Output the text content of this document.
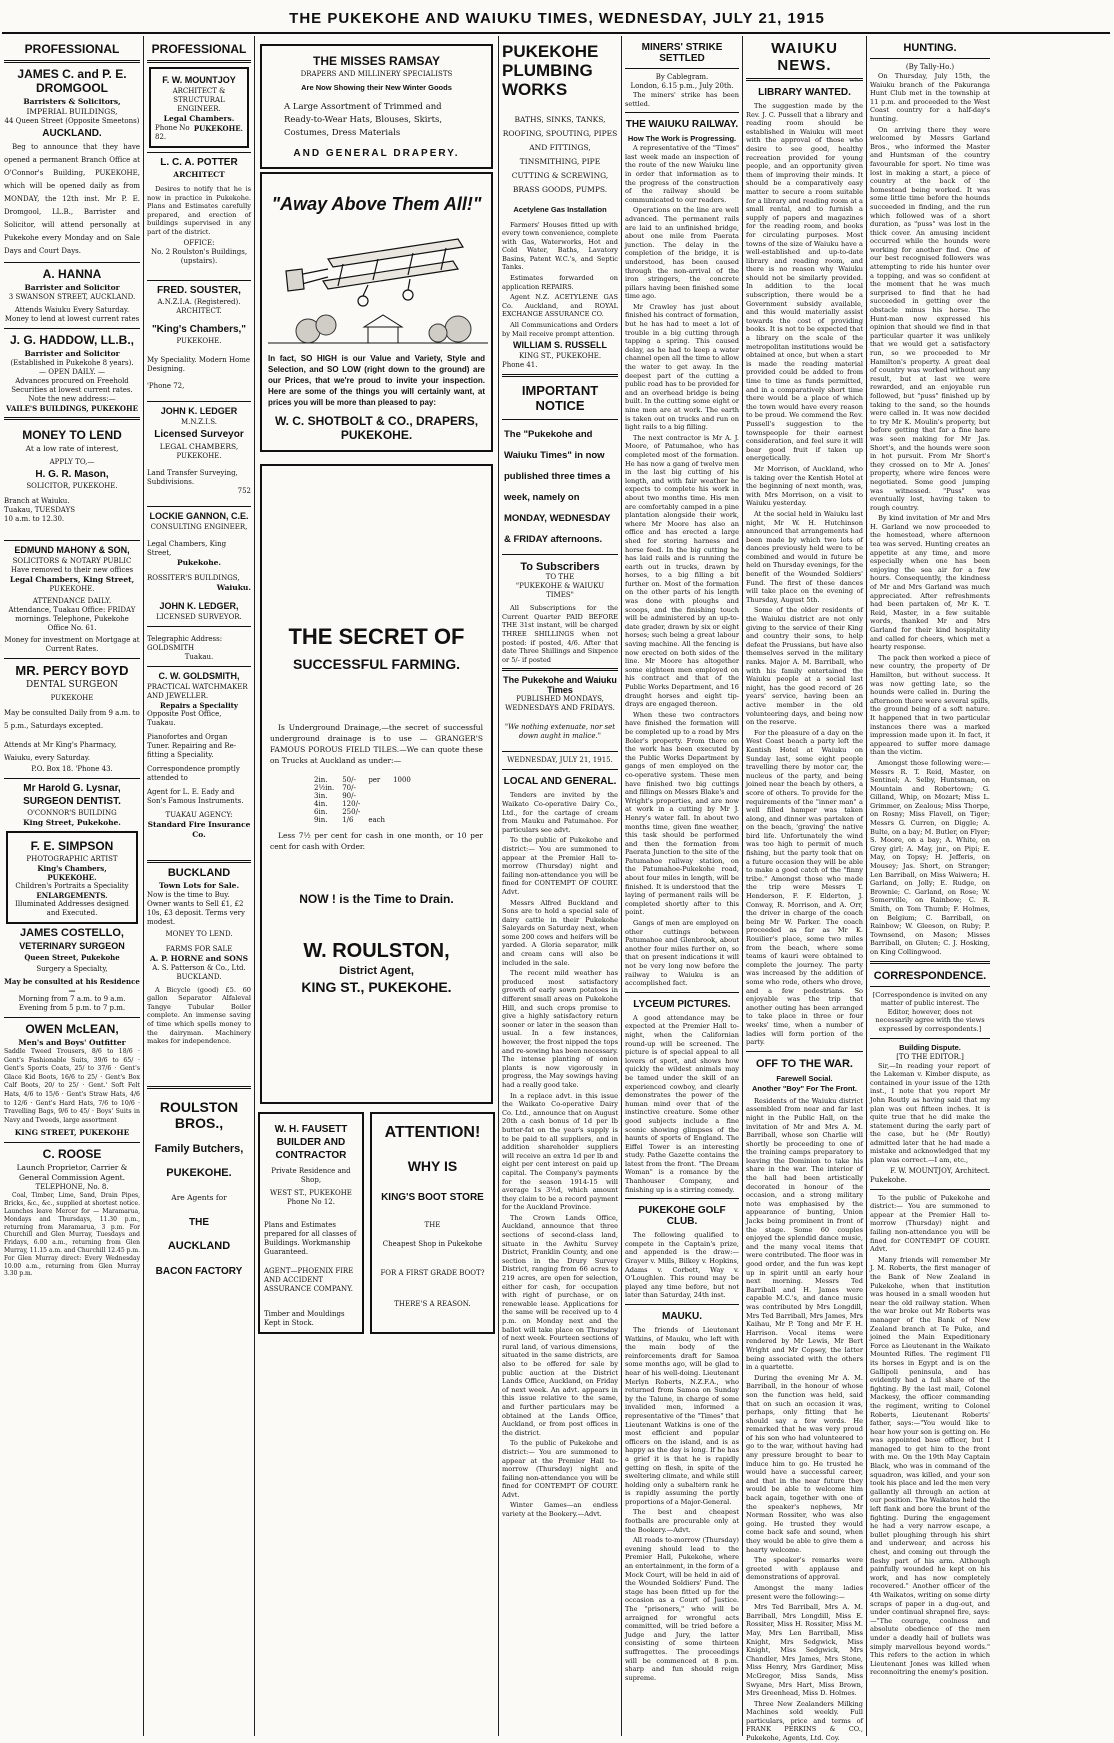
THE PUKEKOHE AND WAIUKU TIMES, WEDNESDAY, JULY 21, 1915
PROFESSIONAL
JAMES C. and P. E. DROMGOOL
Barristers & Solicitors,
IMPERIAL BUILDINGS,
44 Queen Street (Opposite Smeetons)
AUCKLAND.

Beg to announce that they have opened a permanent Branch Office at O'Connor's Building, PUKEKOHE, which will be opened daily as from MONDAY, the 12th inst. Mr P. E. Dromgool, LL.B., Barrister and Solicitor, will attend personally at Pukekohe every Monday and on Sale Days and Court Days.

A. HANNA
Barrister and Solicitor
3 SWANSON STREET, AUCKLAND.
Attends Waiuku Every Saturday.
Money to lend at lowest current rates
J. G. HADDOW, LL.B.,
Barrister and Solicitor
(Established in Pukekohe 8 years).
— OPEN DAILY. —
Advances procured on Freehold Securities at lowest current rates.
Note the new address:—
VAILE'S BUILDINGS, PUKEKOHE
MONEY TO LEND
At a low rate of interest,
APPLY TO,—
H. G. R. Mason,
SOLICITOR, PUKEKOHE.
Branch at Waiuku.
Tuakau, TUESDAYS
10 a.m. to 12.30.
EDMUND MAHONY & SON,
SOLICITORS & NOTARY PUBLIC
Have removed to their new offices
Legal Chambers, King Street,
PUKEKOHE.
ATTENDANCE DAILY.
Attendance, Tuakau Office: FRIDAY mornings. Telephone, Pukekohe Office No. 61.
Money for investment on Mortgage at Current Rates.
MR. PERCY BOYD
DENTAL SURGEON
PUKEKOHE
May be consulted Daily from 9 a.m. to 5 p.m., Saturdays excepted.
Attends at Mr King's Pharmacy, Waiuku, every Saturday.
P.O. Box 18. 'Phone 43.
Mr Harold G. Lysnar,
SURGEON DENTIST.
O'CONNOR'S BUILDING
King Street, Pukekohe.
F. E. SIMPSON
PHOTOGRAPHIC ARTIST
King's Chambers,
PUKEKOHE.
Children's Portraits a Speciality
ENLARGEMENTS.
Illuminated Addresses designed and Executed.
JAMES COSTELLO,
VETERINARY SURGEON
Queen Street, Pukekohe
Surgery a Specialty,
May be consulted at his Residence —
Morning from 7 a.m. to 9 a.m.
Evening from 5 p.m. to 7 p.m.
OWEN McLEAN,
Men's and Boys' Outfitter

Saddle Tweed Trousers, 8/6 to 18/6 · Gent's Fashionable Suits, 39/6 to 65/ · Gent's Sports Coats, 25/ to 37/6 · Gent's Glace Kid Boots, 16/6 to 25/ · Gent's Box Calf Boots, 20/ to 25/ · Gent.' Soft Felt Hats, 4/6 to 15/6 · Gent's Straw Hats, 4/6 to 12/6 · Gent's Hard Hats, 7/6 to 10/6 · Travelling Bags, 9/6 to 45/ · Boys' Suits in Navy and Tweeds, large assortment

KING STREET, PUKEKOHE
C. ROOSE
Launch Proprietor, Carrier & General Commission Agent.
TELEPHONE, No. 8.

Coal, Timber, Lime, Sand, Drain Pipes, Bricks, &c., &c., supplied at shortest notice. Launches leave Mercer for — Maramarua, Mondays and Thursdays, 11.30 p.m., returning from Maramarua, 3 p.m. For Churchill and Glen Murray, Tuesdays and Fridays, 6.00 a.m., returning from Glen Murray, 11.15 a.m. and Churchill 12.45 p.m. For Glen Murray direct: Every Wednesday 10.00 a.m., returning from Glen Murray 3.30 p.m.

PROFESSIONAL
F. W. MOUNTJOY
ARCHITECT & STRUCTURAL ENGINEER.
Legal Chambers.
Phone No 82.
PUKEKOHE.
L. C. A. POTTER
ARCHITECT

Desires to notify that he is now in practice in Pukekohe. Plans and Estimates carefully prepared, and erection of buildings supervised in any part of the district.

OFFICE:
No. 2 Roulston's Buildings, (upstairs).
FRED. SOUSTER,
A.N.Z.I.A. (Registered).
ARCHITECT.
"King's Chambers,"
PUKEKOHE.
My Speciality. Modern Home Designing.
'Phone 72,
JOHN K. LEDGER
M.N.Z.I.S.
Licensed Surveyor
LEGAL CHAMBERS,
PUKEKOHE.
Land Transfer Surveying, Subdivisions.
752
LOCKIE GANNON, C.E.
CONSULTING ENGINEER,
Legal Chambers, King Street,
Pukekohe.
ROSSITER'S BUILDINGS,
Waiuku.
JOHN K. LEDGER,
LICENSED SURVEYOR.
Telegraphic Address: GOLDSMITH
Tuakau.
C. W. GOLDSMITH,
PRACTICAL WATCHMAKER AND JEWELLER.
Repairs a Speciality
Opposite Post Office, Tuakau.
Pianofortes and Organ Tuner. Repairing and Re-fitting a Speciality.
Correspondence promptly attended to
Agent for L. E. Eady and Son's Famous Instruments.
TUAKAU AGENCY:
Standard Fire Insurance Co.
BUCKLAND
Town Lots for Sale.
Now is the time to Buy. Owner wants to Sell £1, £2 10s, £3 deposit. Terms very modest.
MONEY TO LEND.
FARMS FOR SALE
A. P. HORNE and SONS
A. S. Patterson & Co., Ltd.
BUCKLAND.

A Bicycle (good) £5. 60 gallon Separator Alfaleval Tangye Tubular Boiler complete. An immense saving of time which spells money to the dairyman. Machinery makes for independence.

ROULSTON BROS.,
Family Butchers,
PUKEKOHE.
Are Agents for
THE
AUCKLAND
BACON FACTORY
THE MISSES RAMSAY
DRAPERS AND MILLINERY SPECIALISTS
Are Now Showing their New Winter Goods
A Large Assortment of Trimmed and Ready-to-Wear Hats, Blouses, Skirts, Costumes, Dress Materials
AND GENERAL DRAPERY.
"Away Above Them All!"

In fact, SO HIGH is our Value and Variety, Style and Selection, and SO LOW (right down to the ground) are our Prices, that we're proud to invite your inspection. Here are some of the things you will certainly want, at prices you will be more than pleased to pay:

W. C. SHOTBOLT & CO., DRAPERS, PUKEKOHE.
THE SECRET OF
SUCCESSFUL FARMING.

Is Underground Drainage,—the secret of successful underground drainage is to use — GRANGER'S FAMOUS POROUS FIELD TILES.—We can quote these on Trucks at Auckland as under:—

2in.	50/-	per	1000
2½in.	70/-		
3in.	90/-		
4in.	120/-		
6in.	250/-		
9in.	1/6	each	

Less 7½ per cent for cash in one month, or 10 per cent for cash with Order.

NOW ! is the Time to Drain.
W. ROULSTON,
District Agent,
KING ST., PUKEKOHE.
W. H. FAUSETT
BUILDER AND
CONTRACTOR
Private Residence and Shop,
WEST ST., PUKEKOHE
Phone No 12.
Plans and Estimates prepared for all classes of Buildings. Workmanship Guaranteed.
AGENT—PHOENIX FIRE AND ACCIDENT ASSURANCE COMPANY.
Timber and Mouldings Kept in Stock.
ATTENTION!
WHY IS
KING'S BOOT STORE
THE
Cheapest Shop in Pukekohe
FOR A FIRST GRADE BOOT?
THERE'S A REASON.
PUKEKOHE PLUMBING WORKS

BATHS, SINKS, TANKS, ROOFING, SPOUTING, PIPES AND FITTINGS, TINSMITHING, PIPE CUTTING & SCREWING, BRASS GOODS, PUMPS.

Acetylene Gas Installation

Farmers' Houses fitted up with every town convenience, complete with Gas, Waterworks, Hot and Cold Water, Baths, Lavatory Basins, Patent W.C.'s, and Septic Tanks.

Estimates forwarded on application REPAIRS.

Agent N.Z. ACETYLENE GAS Co. Auckland, and ROYAL EXCHANGE ASSURANCE CO.

All Communications and Orders by Mail receive prompt attention.

WILLIAM S. RUSSELL
KING ST., PUKEKOHE.
Phone 41.
IMPORTANT NOTICE

The "Pukekohe and Waiuku Times" in now published three times a week, namely on MONDAY, WEDNESDAY & FRIDAY afternoons.

To Subscribers
TO THE
"PUKEKOHE & WAIUKU TIMES"

All Subscriptions for the Current Quarter PAID BEFORE THE 31st instant, will be charged THREE SHILLINGS when not posted: if posted, 4/6. After that date Three Shillings and Sixpence or 5/- if posted

The Pukekohe and Waiuku Times
PUBLISHED MONDAYS, WEDNESDAYS AND FRIDAYS.
"We nothing extenuate, nor set down aught in malice."
WEDNESDAY, JULY 21, 1915.
LOCAL AND GENERAL.

Tenders are invited by the Waikato Co-operative Dairy Co., Ltd., for the cartage of cream from Mauku and Patumahoe. For particulars see advt.

To the public of Pukekohe and district:— You are summoned to appear at the Premier Hall to-morrow (Thursday) night and failing non-attendance you will be fined for CONTEMPT OF COURT. Advt.

Messrs Alfred Buckland and Sons are to hold a special sale of dairy cattle in their Pukekohe Saleyards on Saturday next, when some 200 cows and heifers will be yarded. A Gloria separator, milk and cream cans will also be included in the sale.

The recent mild weather has produced most satisfactory growth of early sown potatoes in different small areas on Pukekohe Hill, and such crops promise to give a highly satisfactory return sooner or later in the season than usual. In a few instances, however, the frost nipped the tops and re-sowing has been necessary. The intense planting of onion plants is now vigorously in progress, the May sowings having had a really good take.

In a replace advt. in this issue the Waikato Co-operative Dairy Co. Ltd., announce that on August 20th a cash bonus of 1d per lb butter-fat on the year's supply is to be paid to all suppliers, and in addition shareholder suppliers will receive an extra 1d per lb and eight per cent interest on paid up capital. The Company's payments for the season 1914-15 will average 1s 3½d, which amount they claim to be a record payment for the Auckland Province.

The Crown Lands Office, Auckland, announce that three sections of second-class land, situate in the Awhitu Survey District, Franklin County, and one section in the Drury Survey District, ranging from 66 acres to 219 acres, are open for selection, either for cash, for occupation with right of purchase, or on renewable lease. Applications for the same will be received up to 4 p.m. on Monday next and the ballot will take place on Thursday of next week. Fourteen sections of rural land, of various dimensions, situated in the same districts, are also to be offered for sale by public auction at the District Lands Office, Auckland, on Friday of next week. An advt. appears in this issue relative to the same, and further particulars may be obtained at the Lands Office, Auckland, or from post offices in the district.

To the public of Pukekohe and district:— You are summoned to appear at the Premier Hall to-morrow (Thursday) night and failing non-attendance you will be fined for CONTEMPT OF COURT. Advt.

Winter Games—an endless variety at the Bookery.—Advt.

MINERS' STRIKE SETTLED
By Cablegram.
London, 6.15 p.m., July 20th.

The miners' strike has been settled.

THE WAIUKU RAILWAY.
How The Work is Progressing.

A representative of the "Times" last week made an inspection of the route of the new Waiuku line in order that information as to the progress of the construction of the railway should be communicated to our readers.

Operations on the line are well advanced. The permanent rails are laid to an unfinished bridge, about one mile from Paerata junction. The delay in the completion of the bridge, it is understood, has been caused through the non-arrival of the iron stringers, the concrete pillars having been finished some time ago.

Mr Crawley has just about finished his contract of formation, but he has had to meet a lot of trouble in a big cutting through tapping a spring. This caused delay, as he had to keep a water channel open all the time to allow the water to get away. In the deepest part of the cutting a public road has to be provided for and an overhead bridge is being built. In the cutting some eight or nine men are at work. The earth is taken out on trucks and run on light rails to a big filling.

The next contractor is Mr A. J. Moore, of Patumahoe, who has completed most of the formation. He has now a gang of twelve men in the last big cutting of his length, and with fair weather he expects to complete his work in about two months time. His men are comfortably camped in a pine plantation alongside their work, where Mr Moore has also an office and has erected a large shed for storing harness and horse feed. In the big cutting he has laid rails and is running the earth out in trucks, drawn by horses, to a big filling a bit further on. Most of the formation on the other parts of his length was done with ploughs and scoops, and the finishing touch will be administered by an up-to-date grader, drawn by six or eight horses; such being a great labour saving machine. All the fencing is now erected on both sides of the line. Mr Moore has altogether some eighteen men employed on his contract and that of the Public Works Department, and 16 draught horses and eight tip-drays are engaged thereon.

When these two contractors have finished the formation will be completed up to a road by Mrs Boler's property. From there on the work has been executed by the Public Works Department by gangs of men employed on the co-operative system. These men have finished two big cuttings and fillings on Messrs Blake's and Wright's properties, and are now at work in a cutting by Mr J. Henry's water fall. In about two months time, given fine weather, this task should be performed and then the formation from Paerata Junction to the site of the Patumahoe railway station, on the Patumahoe-Pukekohe road, about four miles in length, will be finished. It is understood that the laying of permanent rails will be completed shortly after to this point.

Gangs of men are employed on other cuttings between Patumahoe and Glenbrook, about another four miles further on, so that on present indications it will not be very long now before the railway to Waiuku is an accomplished fact.

LYCEUM PICTURES.

A good attendance may be expected at the Premier Hall to-night, when the Californian round-up will be screened. The picture is of special appeal to all lovers of sport, and shows how quickly the wildest animals may be tamed under the skill of an experienced cowboy, and clearly demonstrates the power of the human mind over that of the instinctive creature. Some other good subjects include a fine scenic showing glimpses of the haunts of sports of England. The Eiffel Tower is an interesting study. Pathe Gazette contains the latest from the front. "The Dream Woman" is a romance by the Thanhouser Company, and finishing up is a stirring comedy.

PUKEKOHE GOLF CLUB.

The following qualified to compete in the Captain's prize, and appended is the draw:—Grayer v. Mills, Bilkey v. Hopkins, Adams v. Corbett, Way v. O'Loughlen. This round may be played any time before, but not later than Saturday, 24th inst.

MAUKU.

The friends of Lieutenant Watkins, of Mauku, who left with the main body of the reinforcements draft for Samoa some months ago, will be glad to hear of his well-doing. Lieutenant Merlyn Roberts, N.Z.F.A., who returned from Samoa on Sunday by the Talune, in charge of some invalided men, informed a representative of the "Times" that Lieutenant Watkins is one of the most efficient and popular officers on the island, and is as happy as the day is long. If he has a grief it is that he is rapidly getting on flesh, in spite of the sweltering climate, and while still holding only a subaltern rank he is rapidly assuming the portly proportions of a Major-General.

The best and cheapest footballs are procurable only at the Bookery.—Advt.

All roads to-morrow (Thursday) evening should lead to the Premier Hall, Pukekohe, where an entertainment, in the form of a Mock Court, will be held in aid of the Wounded Soldiers' Fund. The stage has been fitted up for the occasion as a Court of Justice. The "prisoners," who will be arraigned for wrongful acts committed, will be tried before a Judge and Jury, the latter consisting of some thirteen suffragettes. The proceedings will be commenced at 8 p.m. sharp and fun should reign supreme.

WAIUKU NEWS.
LIBRARY WANTED.

The suggestion made by the Rev. J. C. Pussell that a library and reading room should be established in Waiuku will meet with the approval of those who desire to see good, healthy recreation provided for young people, and an opportunity given them of improving their minds. It should be a comparatively easy matter to secure a room suitable for a library and reading room at a small rental, and to furnish a supply of papers and magazines for the reading room, and books for circulating purposes. Most towns of the size of Waiuku have a well-established and up-to-date library and reading room, and there is no reason why Waiuku should not be similarly provided. In addition to the local subscription, there would be a Government subsidy available, and this would materially assist towards the cost of providing books. It is not to be expected that a library on the scale of the metropolitan institutions would be obtained at once, but when a start is made the reading material provided could be added to from time to time as funds permitted, and in a comparatively short time there would be a place of which the town would have every reason to be proud. We commend the Rev. Pussell's suggestion to the townspeople for their earnest consideration, and feel sure it will bear good fruit if taken up energetically.

Mr Morrison, of Auckland, who is taking over the Kentish Hotel at the beginning of next month, was, with Mrs Morrison, on a visit to Waiuku yesterday.

At the social held in Waiuku last night, Mr W. H. Hutchinson announced that arrangements had been made by which two lots of dances previously held were to be combined and would in future be held on Thursday evenings, for the benefit of the Wounded Soldiers' Fund. The first of these dances will take place on the evening of Thursday, August 5th.

Some of the older residents of the Waiuku district are not only giving to the service of their King and country their sons, to help defeat the Prussians, but have also themselves served in the military ranks. Major A. M. Barriball, who with his family entertained the Waiuku people at a social last night, has the good record of 26 years' service, having been an active member in the old volunteering days, and being now on the reserve.

For the pleasure of a day on the West Coast beach a party left the Kentish Hotel at Waiuku on Sunday last, some eight people travelling there by motor car, the nucleus of the party, and being joined near the beach by others, a score of others. To provide for the requirements of the "inner man" a well filled hamper was taken along, and dinner was partaken of on the beach, 'graving' the native bird life. Unfortunately the wind was too high to permit of much fishing, but the party took that on a future occasion they will be able to make a good catch of the "finny tribe." Amongst those who made the trip were Messrs T. Henderson, F. F. Elderton, J. Conway, R. Morrison, and A. Orr, the driver in charge of the coach being Mr W. Parker. The coach proceeded as far as Mr K. Rouilier's place, some two miles from the beach, where some teams of kauri were obtained to complete the journey. The party was increased by the addition of some who rode, others who drove, and a few pedestrians. So enjoyable was the trip that another outing has been arranged to take place in three or four weeks' time, when a number of ladies will form portion of the party.

OFF TO THE WAR.
Farewell Social.
Another "Boy" For The Front.

Residents of the Waiuku district assembled from near and far last night in the Public Hall, on the invitation of Mr and Mrs A. M. Barriball, whose son Charlie will shortly be proceeding to one of the training camps preparatory to leaving the Dominion to take his share in the war. The interior of the hall had been artistically decorated in honour of the occasion, and a strong military note was emphasised by the appearance of bunting, Union Jacks being prominent in front of the stage. Some 60 couples enjoyed the splendid dance music, and the many vocal items that were contributed. The floor was in good order, and the fun was kept up in spirit until an early hour next morning. Messrs Ted Barriball and H. James were capable M.C.'s, and dance music was contributed by Mrs Longdill, Mrs Ted Barriball, Mrs James, Mrs Kaihau, Mr P. Tong and Mr F. H. Harrison. Vocal items were rendered by Mr Lewis, Mr Bert Wright and Mr Copsey, the latter being associated with the others in a quartette.

During the evening Mr A. M. Barriball, in the honour of whose son the function was held, said that on such an occasion it was, perhaps, only fitting that he should say a few words. He remarked that he was very proud of his son who had volunteered to go to the war, without having had any pressure brought to bear to induce him to go. He trusted he would have a successful career, and that in the near future they would be able to welcome him back again, together with one of the speaker's nephews, Mr Norman Rossiter, who was also going. He trusted they would come back safe and sound, when they would be able to give them a hearty welcome.

The speaker's remarks were greeted with applause and demonstrations of approval.

Amongst the many ladies present were the following:—

Mrs Ted Barriball, Mrs A. M. Barriball, Mrs Longdill, Miss E. Rossiter, Miss H. Rossiter, Miss M. May, Mrs Len Barriball, Miss Knight, Mrs Sedgwick, Miss Knight, Miss Sedgwick, Mrs Chandler, Mrs James, Mrs Stone, Miss Henry, Mrs Gardiner, Miss McGregor, Miss Sands, Miss Swyane, Mrs Hart, Miss Brown, Mrs Greenhead, Miss D. Holmes.

Three New Zealanders Milking Machines sold weekly. Full particulars, price and terms of FRANK PERKINS & CO., Pukekohe, Agents, Ltd. Coy.

HUNTING.
(By Tally-Ho.)

On Thursday, July 15th, the Waiuku branch of the Pakuranga Hunt Club met in the township at 11 p.m. and proceeded to the West Coast country for a half-day's hunting.

On arriving there they were welcomed by Messrs Garland Bros., who informed the Master and Huntsman of the country favourable for sport. No time was lost in making a start, a piece of country at the back of the homestead being worked. It was some little time before the hounds succeeded in finding, and the run which followed was of a short duration, as "puss" was lost in the thick cover. An amusing incident occurred while the hounds were working for another find. One of our best recognised followers was attempting to ride his hunter over a topping, and was so confident at the moment that he was much surprised to find that he had succeeded in getting over the obstacle minus his horse. The Hunt-man now expressed his opinion that should we find in that particular quarter it was unlikely that we would get a satisfactory run, so we proceeded to Mr Hamilton's property. A great deal of country was worked without any result, but at last we were rewarded, and an enjoyable run followed, but "puss" finished up by taking to the sand, so the hounds were called in. It was now decided to try Mr K. Moulin's property, but before getting that far a fine hare was seen making for Mr Jas. Short's, and the hounds were soon in hot pursuit. From Mr Short's they crossed on to Mr A. Jones' property, where wire fences were negotiated. Some good jumping was witnessed. "Puss" was eventually lost, having taken to rough country.

By kind invitation of Mr and Mrs H. Garland we now proceeded to the homestead, where afternoon tea was served. Hunting creates an appetite at any time, and more especially when one has been enjoying the sea air for a few hours. Consequently, the kindness of Mr and Mrs Garland was much appreciated. After refreshments had been partaken of, Mr K. T. Reid, Master, in a few suitable words, thanked Mr and Mrs Garland for their kind hospitality and called for cheers, which met a hearty response.

The pack then worked a piece of new country, the property of Dr Hamilton, but without success. It was now getting late, so the hounds were called in. During the afternoon there were several spills, the ground being of a soft nature. It happened that in two particular instances there was a marked impression made upon it. In fact, it appeared to suffer more damage than the victim.

Amongst those following were:—Messrs R. T. Reid, Master, on Sentinel; A. Selby, Huntsman, on Mountain and Robertown; G. Gilland, Whip, on Mozart; Miss L. Grimmer, on Zealous; Miss Thorpe, on Rosny; Miss Flavell, on Tiger; Messrs G. Curren, on Diggle; A. Bulte, on a bay; M. Butler, on Flyer; S. Moore, on a bay; A. White, on Grey girl; A. May, jnr., on Pipi; E. May, on Topsy; H. Jefferis, on Mousey; Jas. Short, on Stranger; Len Barriball, on Miss Waiwera; H. Garland, on Jolly; E. Rudge, on Brownie; C. Garland, on Rose; W. Somerville, on Rainbow; C. R. Smith, on Tom Thumb; F. Holmes, on Belgium; C. Barriball, on Rainbow; W. Gleeson, on Ruby; P. Townsend, on Mason; Misses Barriball, on Gluten; C. J. Hosking, on King Collingwood.

CORRESPONDENCE.

[Correspondence is invited on any matter of public interest. The Editor, however, does not necessarily agree with the views expressed by correspondents.]

Building Dispute.
[TO THE EDITOR.]

Sir,—In reading your report of the Lakeman v. Kimber dispute, as contained in your issue of the 12th inst., I note that you report Mr John Routly as having said that my plan was out fifteen inches. It is quite true that he did make the statement during the early part of the case, but he (Mr Routly) admitted later that he had made a mistake and acknowledged that my plan was correct.—I am, etc.,

F. W. MOUNTJOY, Architect.
Pukekohe.

To the public of Pukekohe and district:— You are summoned to appear at the Premier Hall to-morrow (Thursday) night and failing non-attendance you will be fined for CONTEMPT OF COURT. Advt.

Many friends will remember Mr J. M. Roberts, the first manager of the Bank of New Zealand in Pukekohe, when that institution was housed in a small wooden hut near the old railway station. When the war broke out Mr Roberts was manager of the Bank of New Zealand branch at Te Puke, and joined the Main Expeditionary Force as Lieutenant in the Waikato Mounted Rifles. The regiment I'll its horses in Egypt and is on the Gallipoli peninsula, and has evidently had a full share of the fighting. By the last mail, Colonel Mackesy, the officer commanding the regiment, writing to Colonel Roberts, Lieutenant Roberts' father, says:—"You would like to hear how your son is getting on. He was appointed base officer, but I managed to get him to the front with me. On the 19th May Captain Black, who was in command of the squadron, was killed, and your son took his place and led the men very gallantly all through an action at our position. The Waikatos held the left flank and bore the brunt of the fighting. During the engagement he had a very narrow escape, a bullet ploughing through his shirt and underwear, and across his chest, and coming out through the fleshy part of his arm. Although painfully wounded he kept on his work, and has now completely recovered." Another officer of the 4th Waikatos, writing on some dirty scraps of paper in a dug-out, and under continual shrapnel fire, says:—"The courage, coolness and absolute obedience of the men under a deadly hail of bullets was simply marvellous beyond words." This refers to the action in which Lieutenant Jones was killed when reconnoitring the enemy's position.
